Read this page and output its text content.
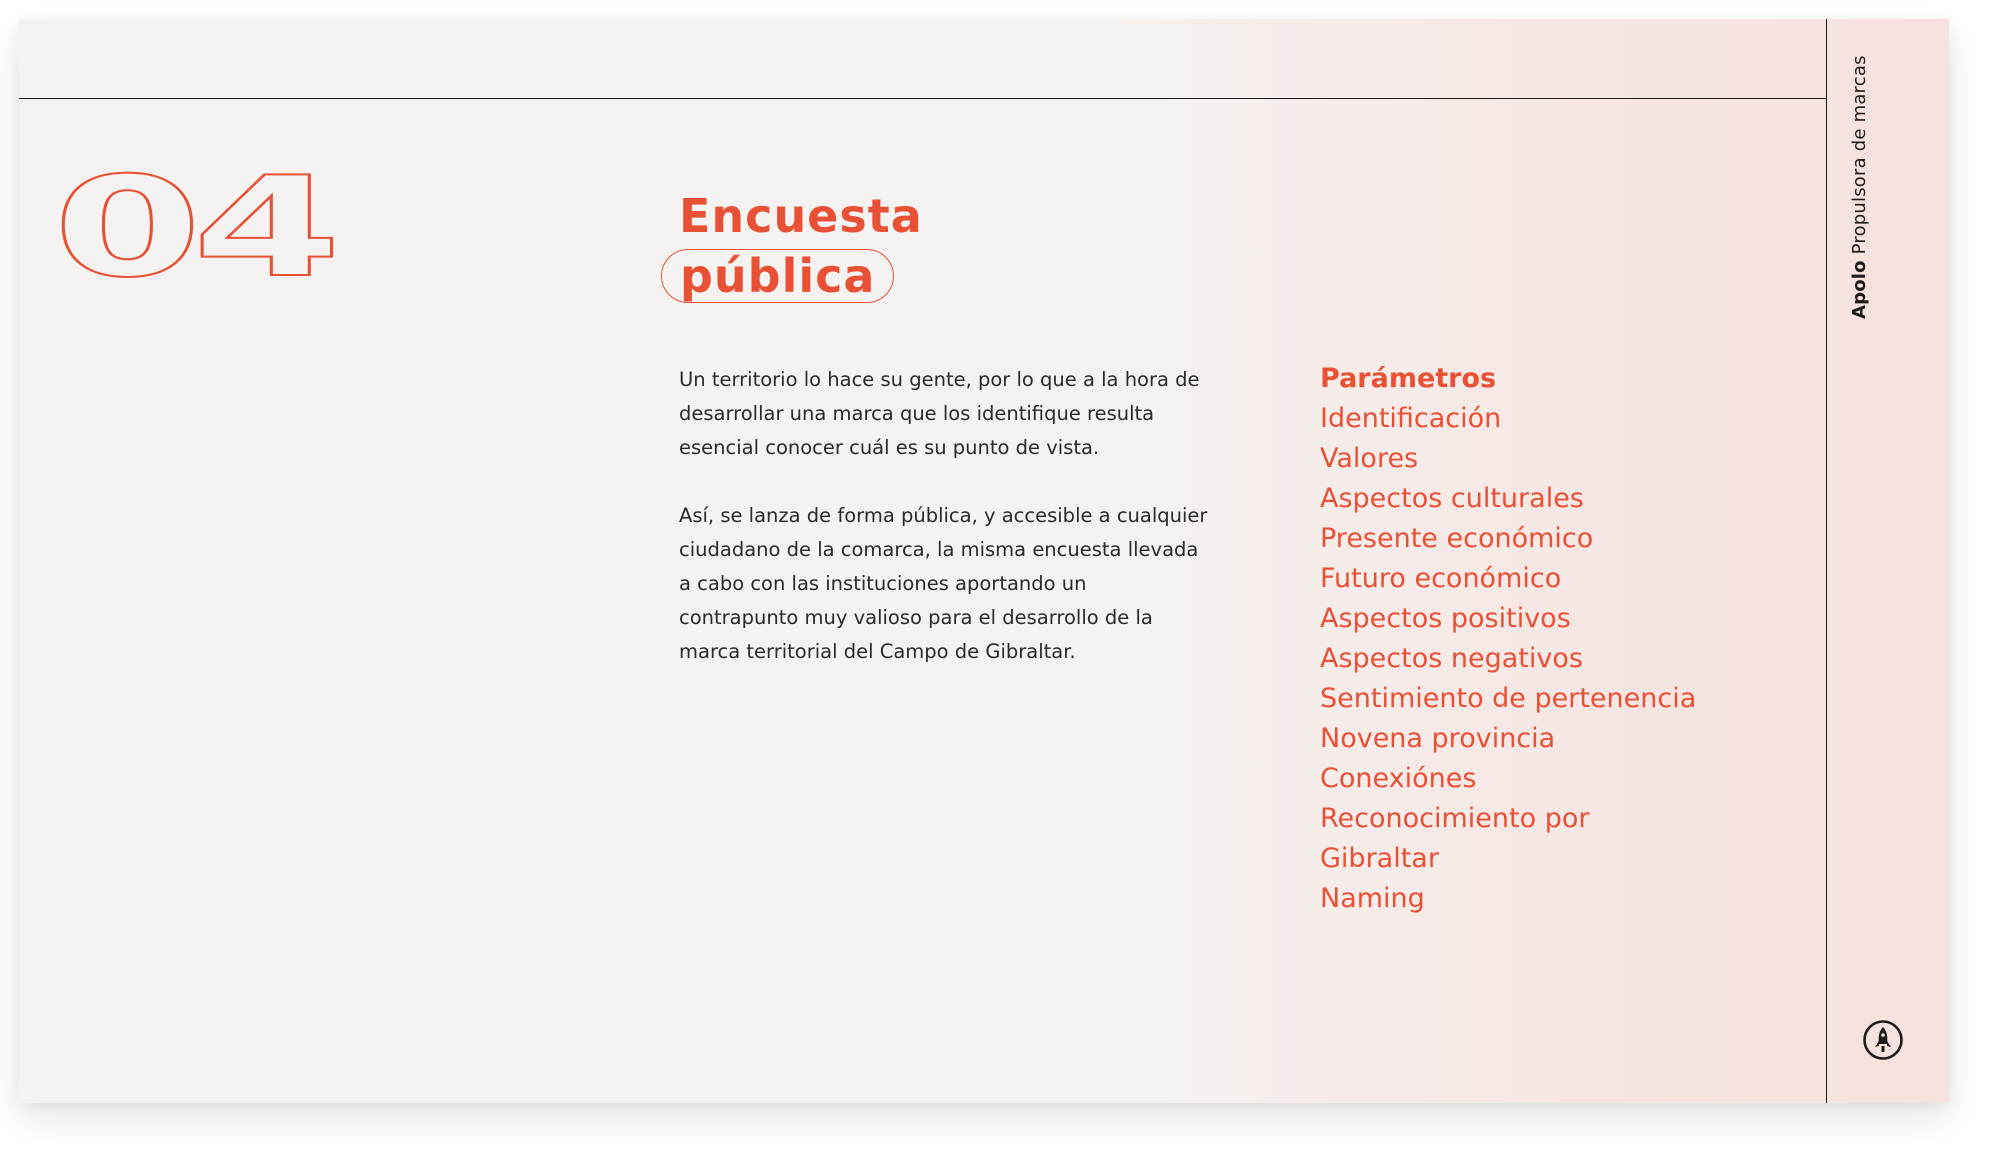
04	Encuesta
pública

Un territorio lo hace su gente, por lo que a la hora de desarrollar una marca que los identifique resulta esencial conocer cuál es su punto de vista.

Así, se lanza de forma pública, y accesible a cualquier ciudadano de la comarca, la misma encuesta llevada a cabo con las instituciones aportando un contrapunto muy valioso para el desarrollo de la marca territorial del Campo de Gibraltar.

Parámetros
Identificación
Valores
Aspectos culturales
Presente económico
Futuro económico
Aspectos positivos
Aspectos negativos
Sentimiento de pertenencia
Novena provincia
Conexiónes
Reconocimiento por
Gibraltar
Naming
Apolo Propulsora de marcas
